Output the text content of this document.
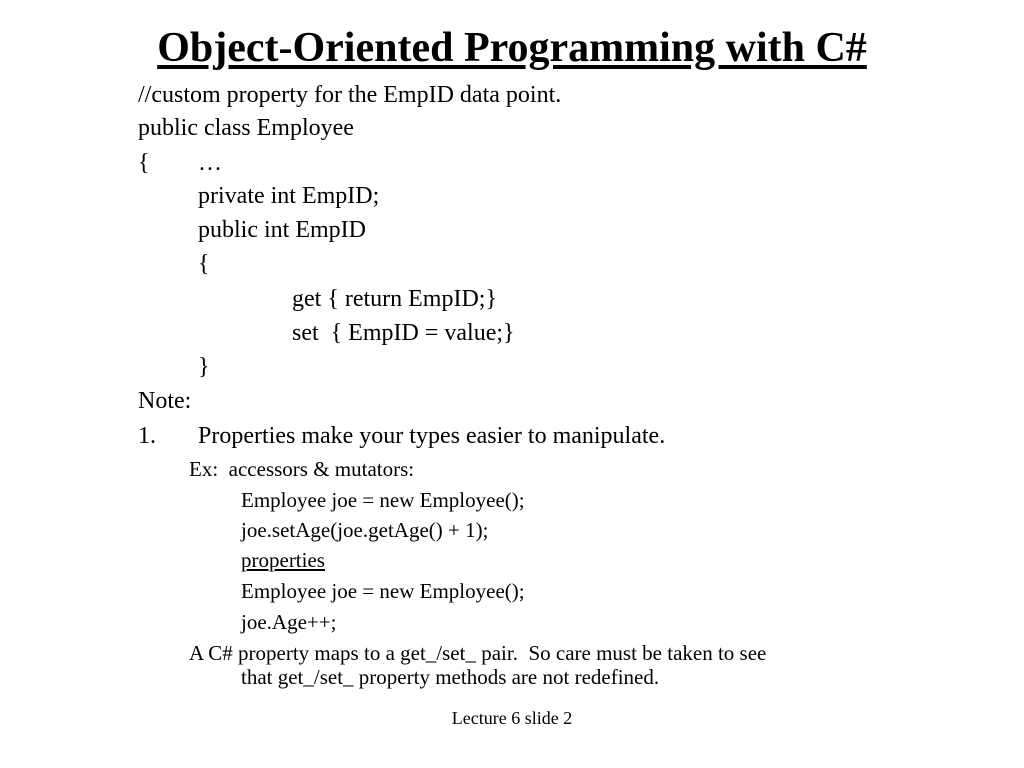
Object-Oriented Programming with C#
//custom property for the EmpID data point.
public class Employee
{ …
private int EmpID;
public int EmpID
{
get { return EmpID;}
set  { EmpID = value;}
}
Note:
1. Properties make your types easier to manipulate.
Ex:  accessors & mutators:
Employee joe = new Employee();
joe.setAge(joe.getAge() + 1);
properties
Employee joe = new Employee();
joe.Age++;
A C# property maps to a get_/set_ pair.  So care must be taken to see
that get_/set_ property methods are not redefined.
Lecture 6 slide 2
